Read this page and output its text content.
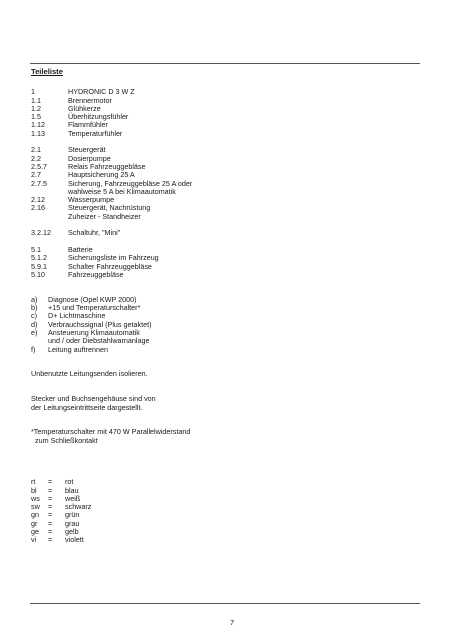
Teileliste
1	HYDRONIC D 3 W Z
1.1	Brennermotor
1.2	Glühkerze
1.5	Überhitzungsfühler
1.12	Flammfühler
1.13	Temperaturfühler
2.1	Steuergerät
2.2	Dosierpumpe
2.5.7	Relais Fahrzeuggebläse
2.7	Hauptsicherung 25 A
2.7.5	Sicherung, Fahrzeuggebläse 25 A oder
wahlweise 5 A bei Klimaautomatik
2.12	Wasserpumpe
2.16	Steuergerät, Nachrüstung
Zuheizer - Standheizer
3.2.12	Schaltuhr, "Mini"
5.1	Batterie
5.1.2	Sicherungsliste im Fahrzeug
5.9.1	Schalter Fahrzeuggebläse
5.10	Fahrzeuggebläse
a)	Diagnose (Opel KWP 2000)
b)	+15 und Temperaturschalter*
c)	D+ Lichtmaschine
d)	Verbrauchssignal (Plus getaktet)
e)	Ansteuerung Klimaautomatik
und / oder Diebstahlwarnanlage
f)	Leitung auftrennen
Unbenutzte Leitungsenden isolieren.
Stecker und Buchsengehäuse sind von
der Leitungseintrittseite dargestellt.
*Temperaturschalter mit 470 W Parallelwiderstand
zum Schließkontakt
rt	=	rot
bl	=	blau
ws	=	weiß
sw	=	schwarz
gn	=	grün
gr	=	grau
ge	=	gelb
vi	=	violett
7
